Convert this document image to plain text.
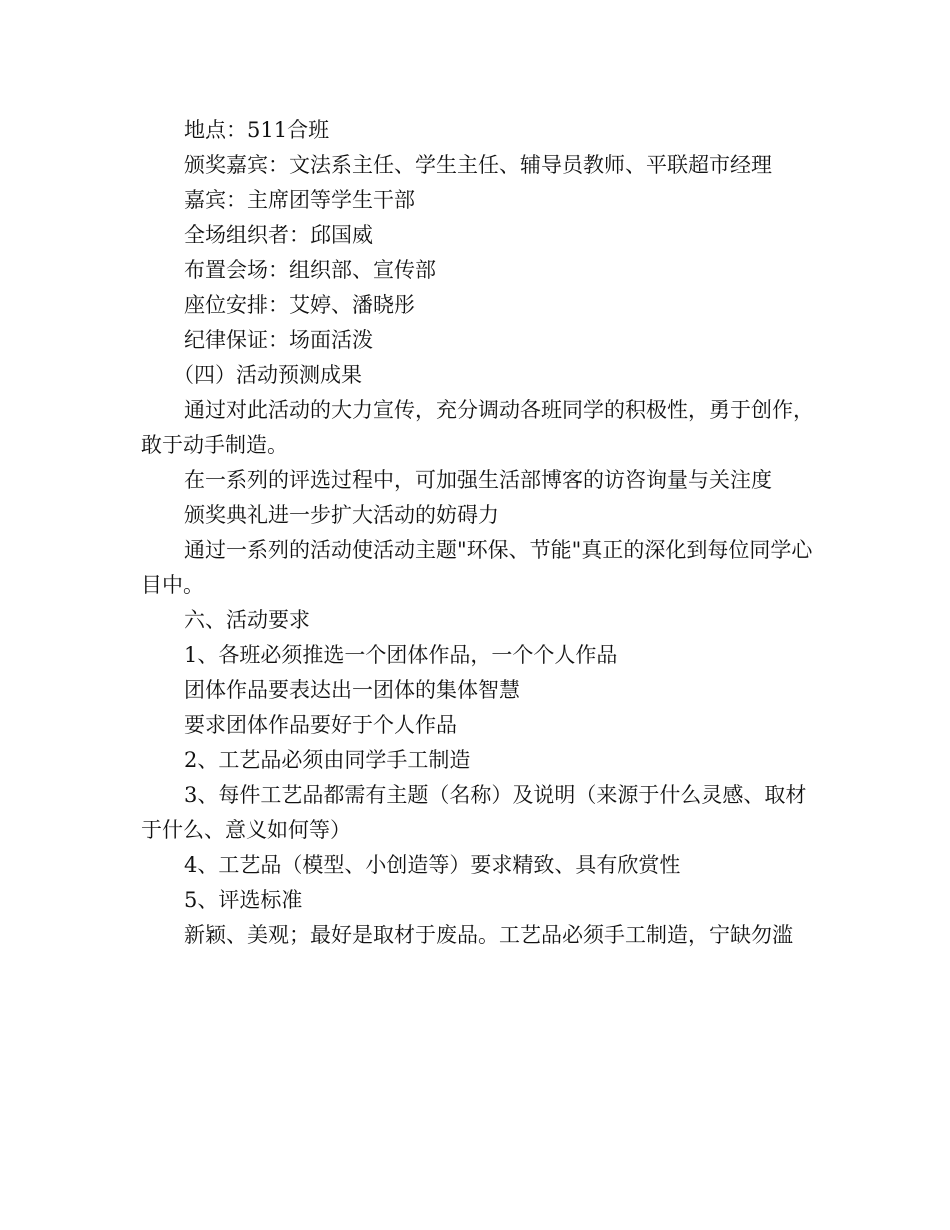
地点：511合班

颁奖嘉宾：文法系主任、学生主任、辅导员教师、平联超市经理

嘉宾：主席团等学生干部

全场组织者：邱国威

布置会场：组织部、宣传部

座位安排：艾婷、潘晓彤

纪律保证：场面活泼

（四）活动预测成果

通过对此活动的大力宣传，充分调动各班同学的积极性，勇于创作，敢于动手制造。

在一系列的评选过程中，可加强生活部博客的访咨询量与关注度

颁奖典礼进一步扩大活动的妨碍力

通过一系列的活动使活动主题"环保、节能"真正的深化到每位同学心目中。

六、活动要求

1、各班必须推选一个团体作品，一个个人作品

团体作品要表达出一团体的集体智慧

要求团体作品要好于个人作品

2、工艺品必须由同学手工制造

3、每件工艺品都需有主题（名称）及说明（来源于什么灵感、取材于什么、意义如何等）

4、工艺品（模型、小创造等）要求精致、具有欣赏性

5、评选标准

新颖、美观；最好是取材于废品。工艺品必须手工制造，宁缺勿滥
